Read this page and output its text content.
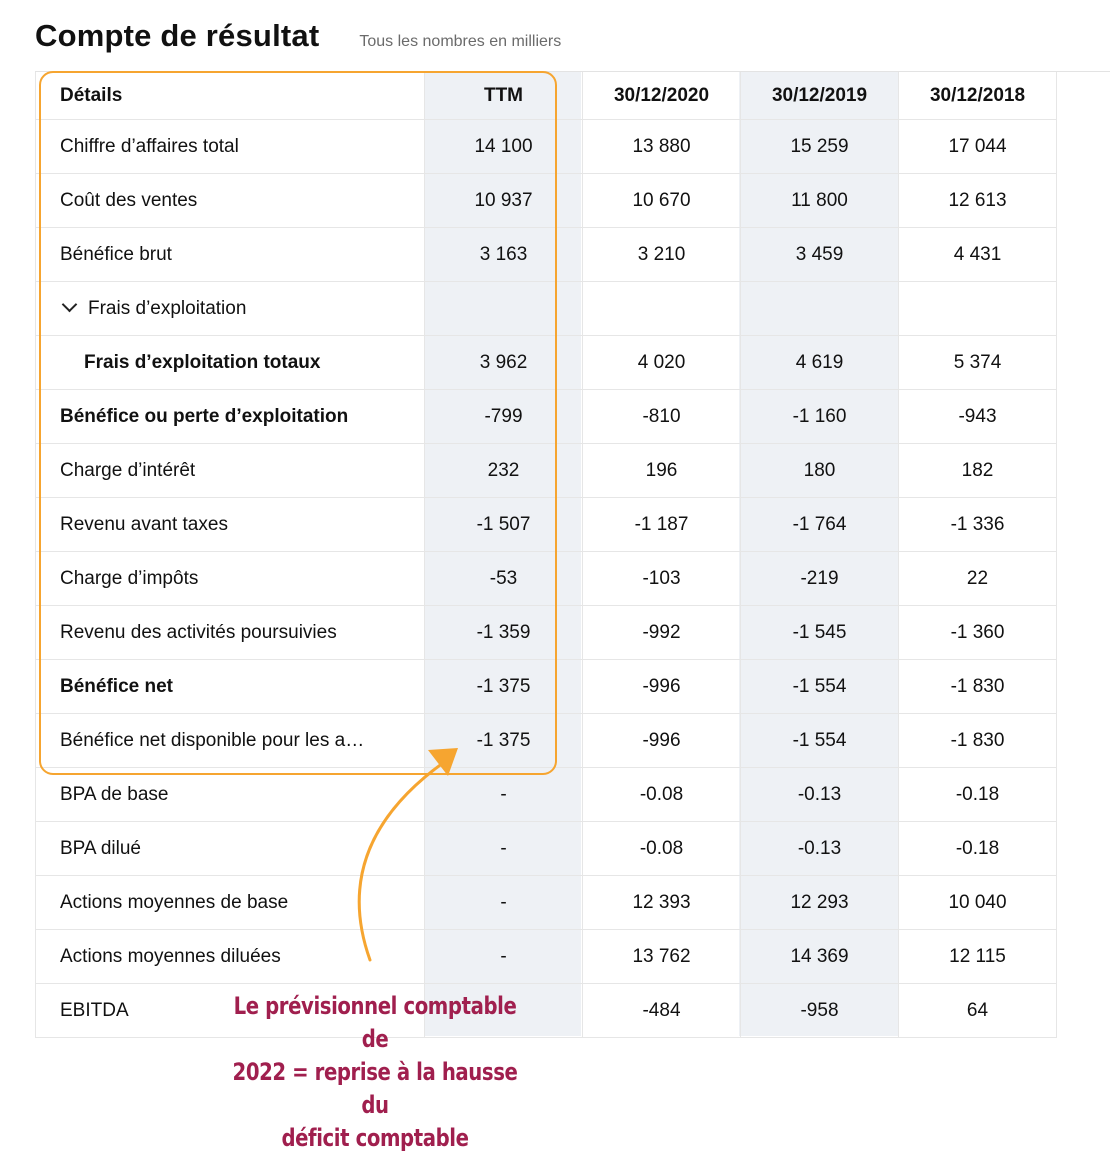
Compte de résultat	Tous les nombres en milliers
Détails	TTM	30/12/2020	30/12/2019	30/12/2018
Chiffre d’affaires total	14 100	13 880	15 259	17 044
Coût des ventes	10 937	10 670	11 800	12 613
Bénéfice brut	3 163	3 210	3 459	4 431
Frais d’exploitation				
Frais d’exploitation totaux	3 962	4 020	4 619	5 374
Bénéfice ou perte d’exploitation	-799	-810	-1 160	-943
Charge d’intérêt	232	196	180	182
Revenu avant taxes	-1 507	-1 187	-1 764	-1 336
Charge d’impôts	-53	-103	-219	22
Revenu des activités poursuivies	-1 359	-992	-1 545	-1 360
Bénéfice net	-1 375	-996	-1 554	-1 830
Bénéfice net disponible pour les a…	-1 375	-996	-1 554	-1 830
BPA de base	-	-0.08	-0.13	-0.18
BPA dilué	-	-0.08	-0.13	-0.18
Actions moyennes de base	-	12 393	12 293	10 040
Actions moyennes diluées	-	13 762	14 369	12 115
EBITDA		-484	-958	64
Le prévisionnel comptable de
2022 = reprise à la hausse du
déficit comptable
